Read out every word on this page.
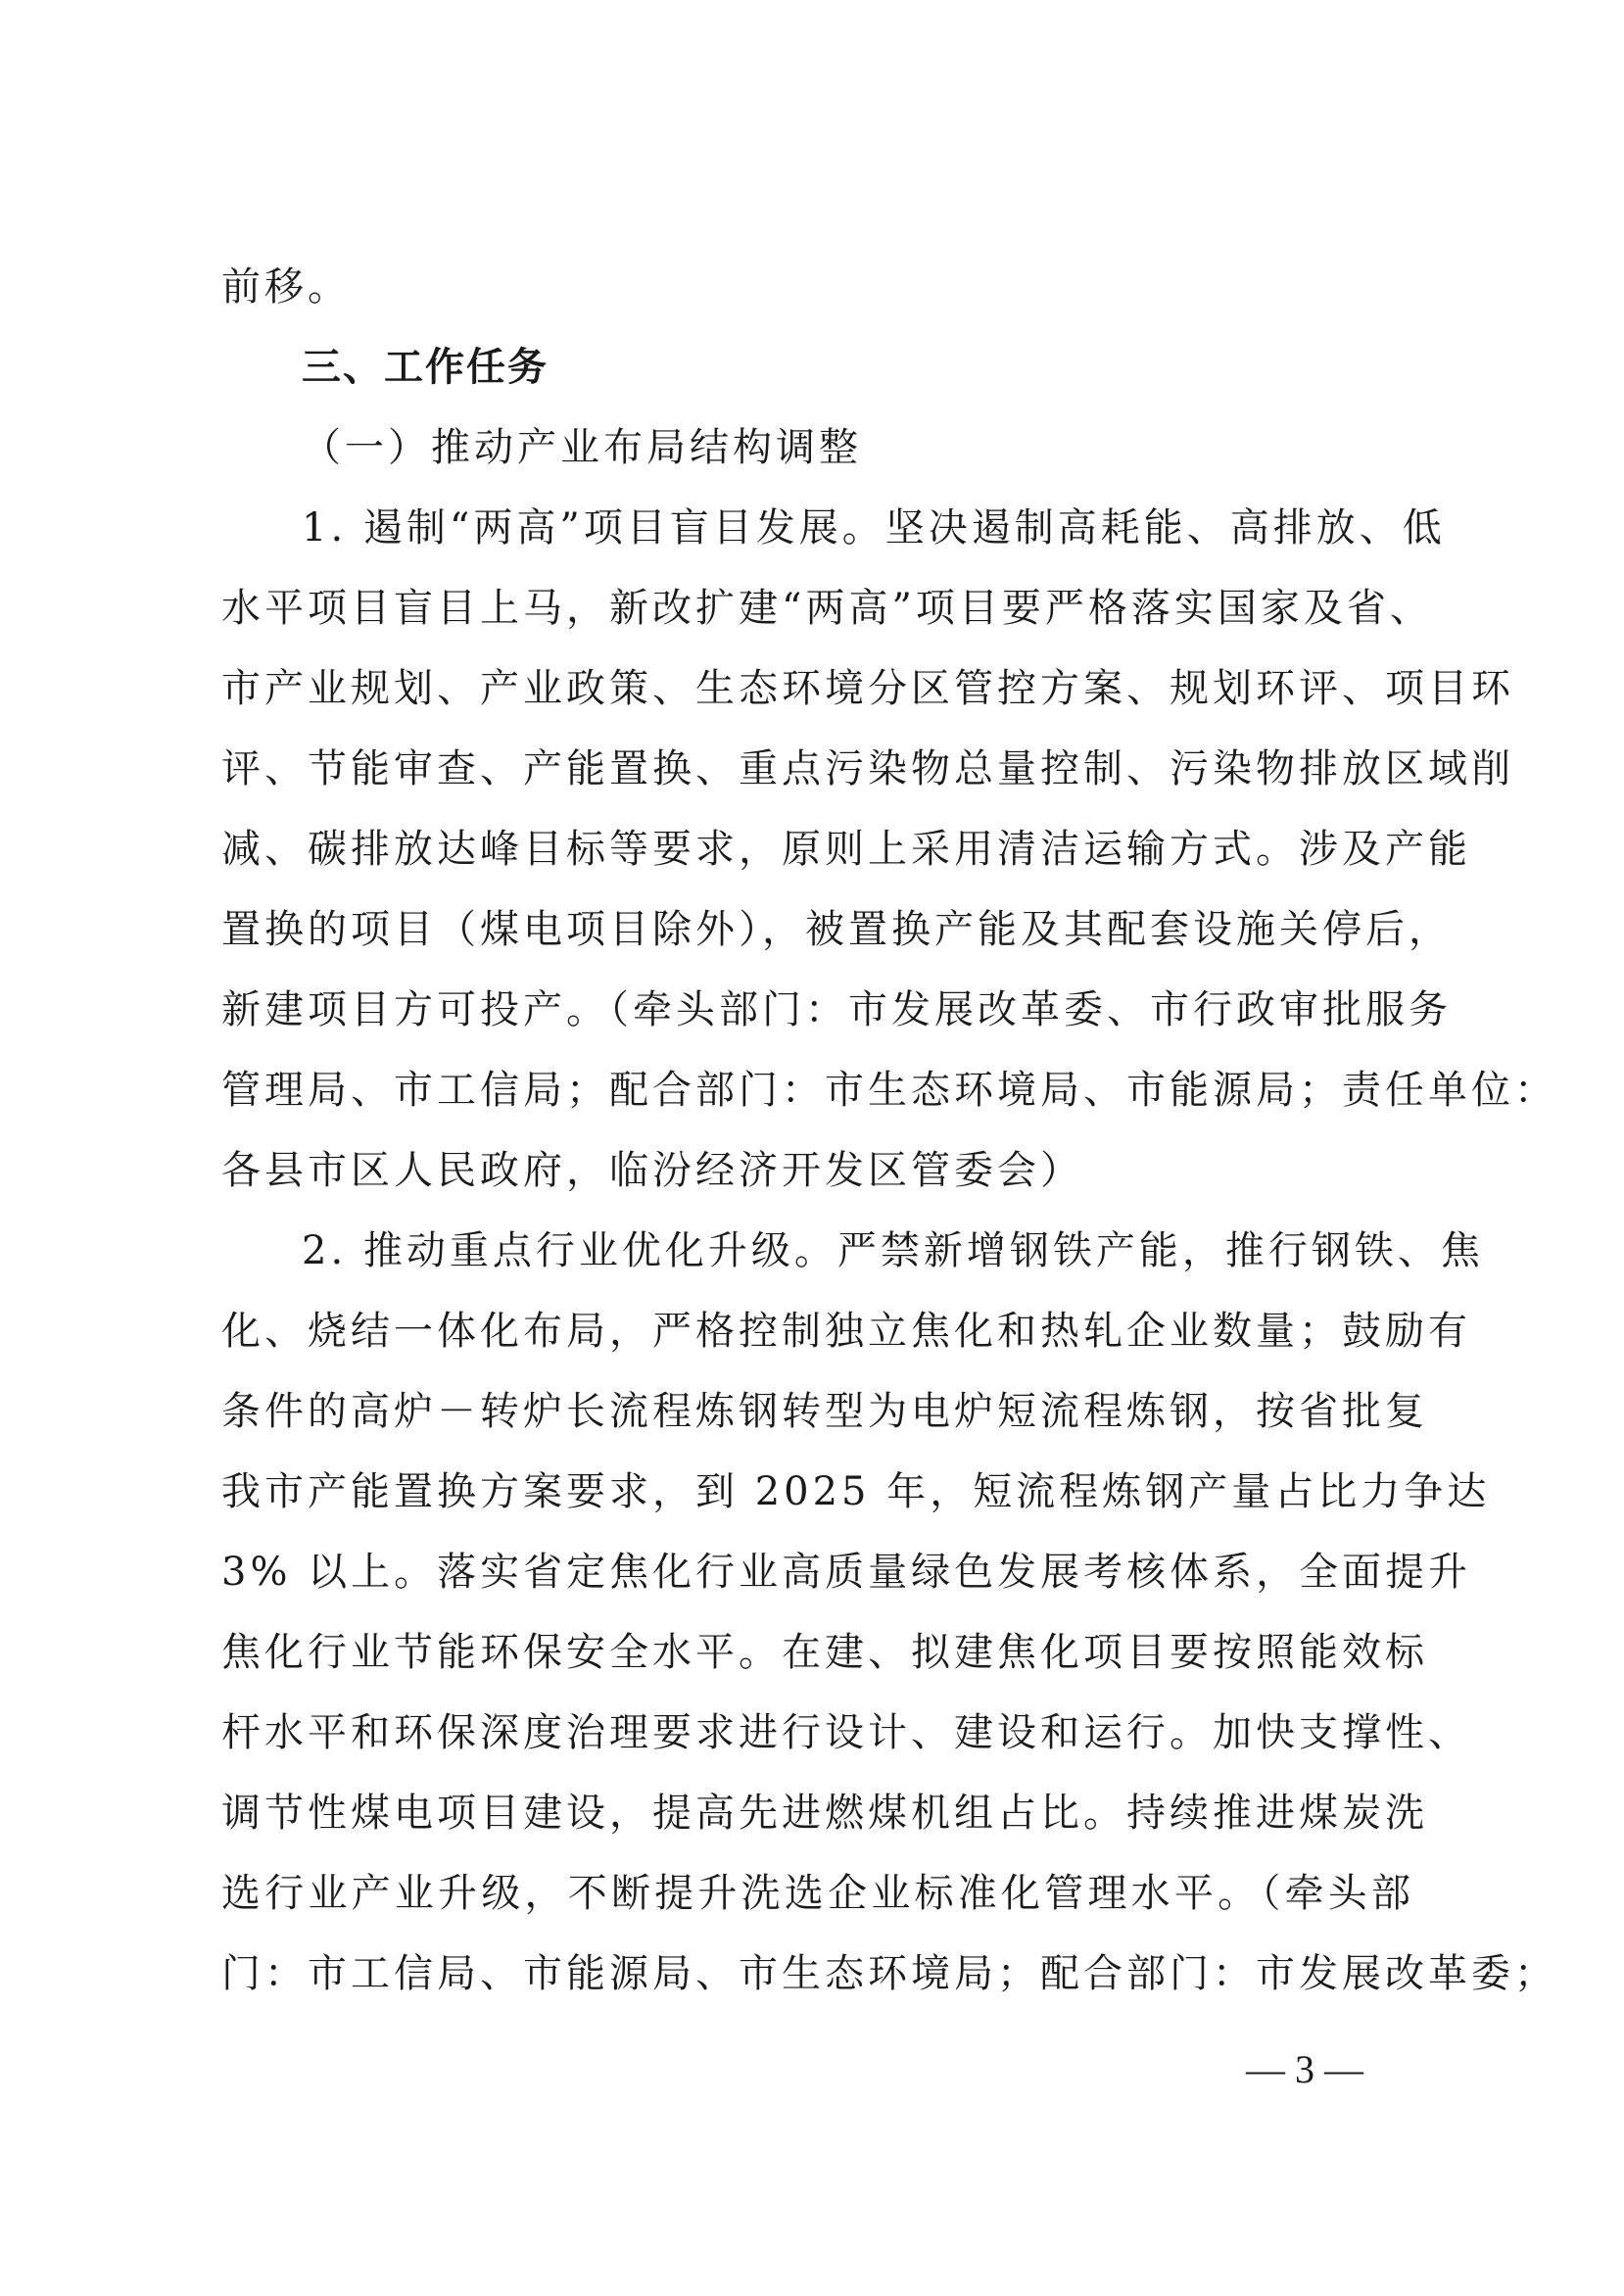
前移。
三、工作任务
（一）推动产业布局结构调整
1. 遏制“两高”项目盲目发展。坚决遏制高耗能、高排放、低
水平项目盲目上马，新改扩建“两高”项目要严格落实国家及省、
市产业规划、产业政策、生态环境分区管控方案、规划环评、项目环
评、节能审查、产能置换、重点污染物总量控制、污染物排放区域削
减、碳排放达峰目标等要求，原则上采用清洁运输方式。涉及产能
置换的项目（煤电项目除外），被置换产能及其配套设施关停后，
新建项目方可投产。（牵头部门：市发展改革委、市行政审批服务
管理局、市工信局；配合部门：市生态环境局、市能源局；责任单位：
各县市区人民政府，临汾经济开发区管委会）
2. 推动重点行业优化升级。严禁新增钢铁产能，推行钢铁、焦
化、烧结一体化布局，严格控制独立焦化和热轧企业数量；鼓励有
条件的高炉－转炉长流程炼钢转型为电炉短流程炼钢，按省批复
我市产能置换方案要求，到 2025 年，短流程炼钢产量占比力争达
3% 以上。落实省定焦化行业高质量绿色发展考核体系，全面提升
焦化行业节能环保安全水平。在建、拟建焦化项目要按照能效标
杆水平和环保深度治理要求进行设计、建设和运行。加快支撑性、
调节性煤电项目建设，提高先进燃煤机组占比。持续推进煤炭洗
选行业产业升级，不断提升洗选企业标准化管理水平。（牵头部
门：市工信局、市能源局、市生态环境局；配合部门：市发展改革委；
— 3 —
